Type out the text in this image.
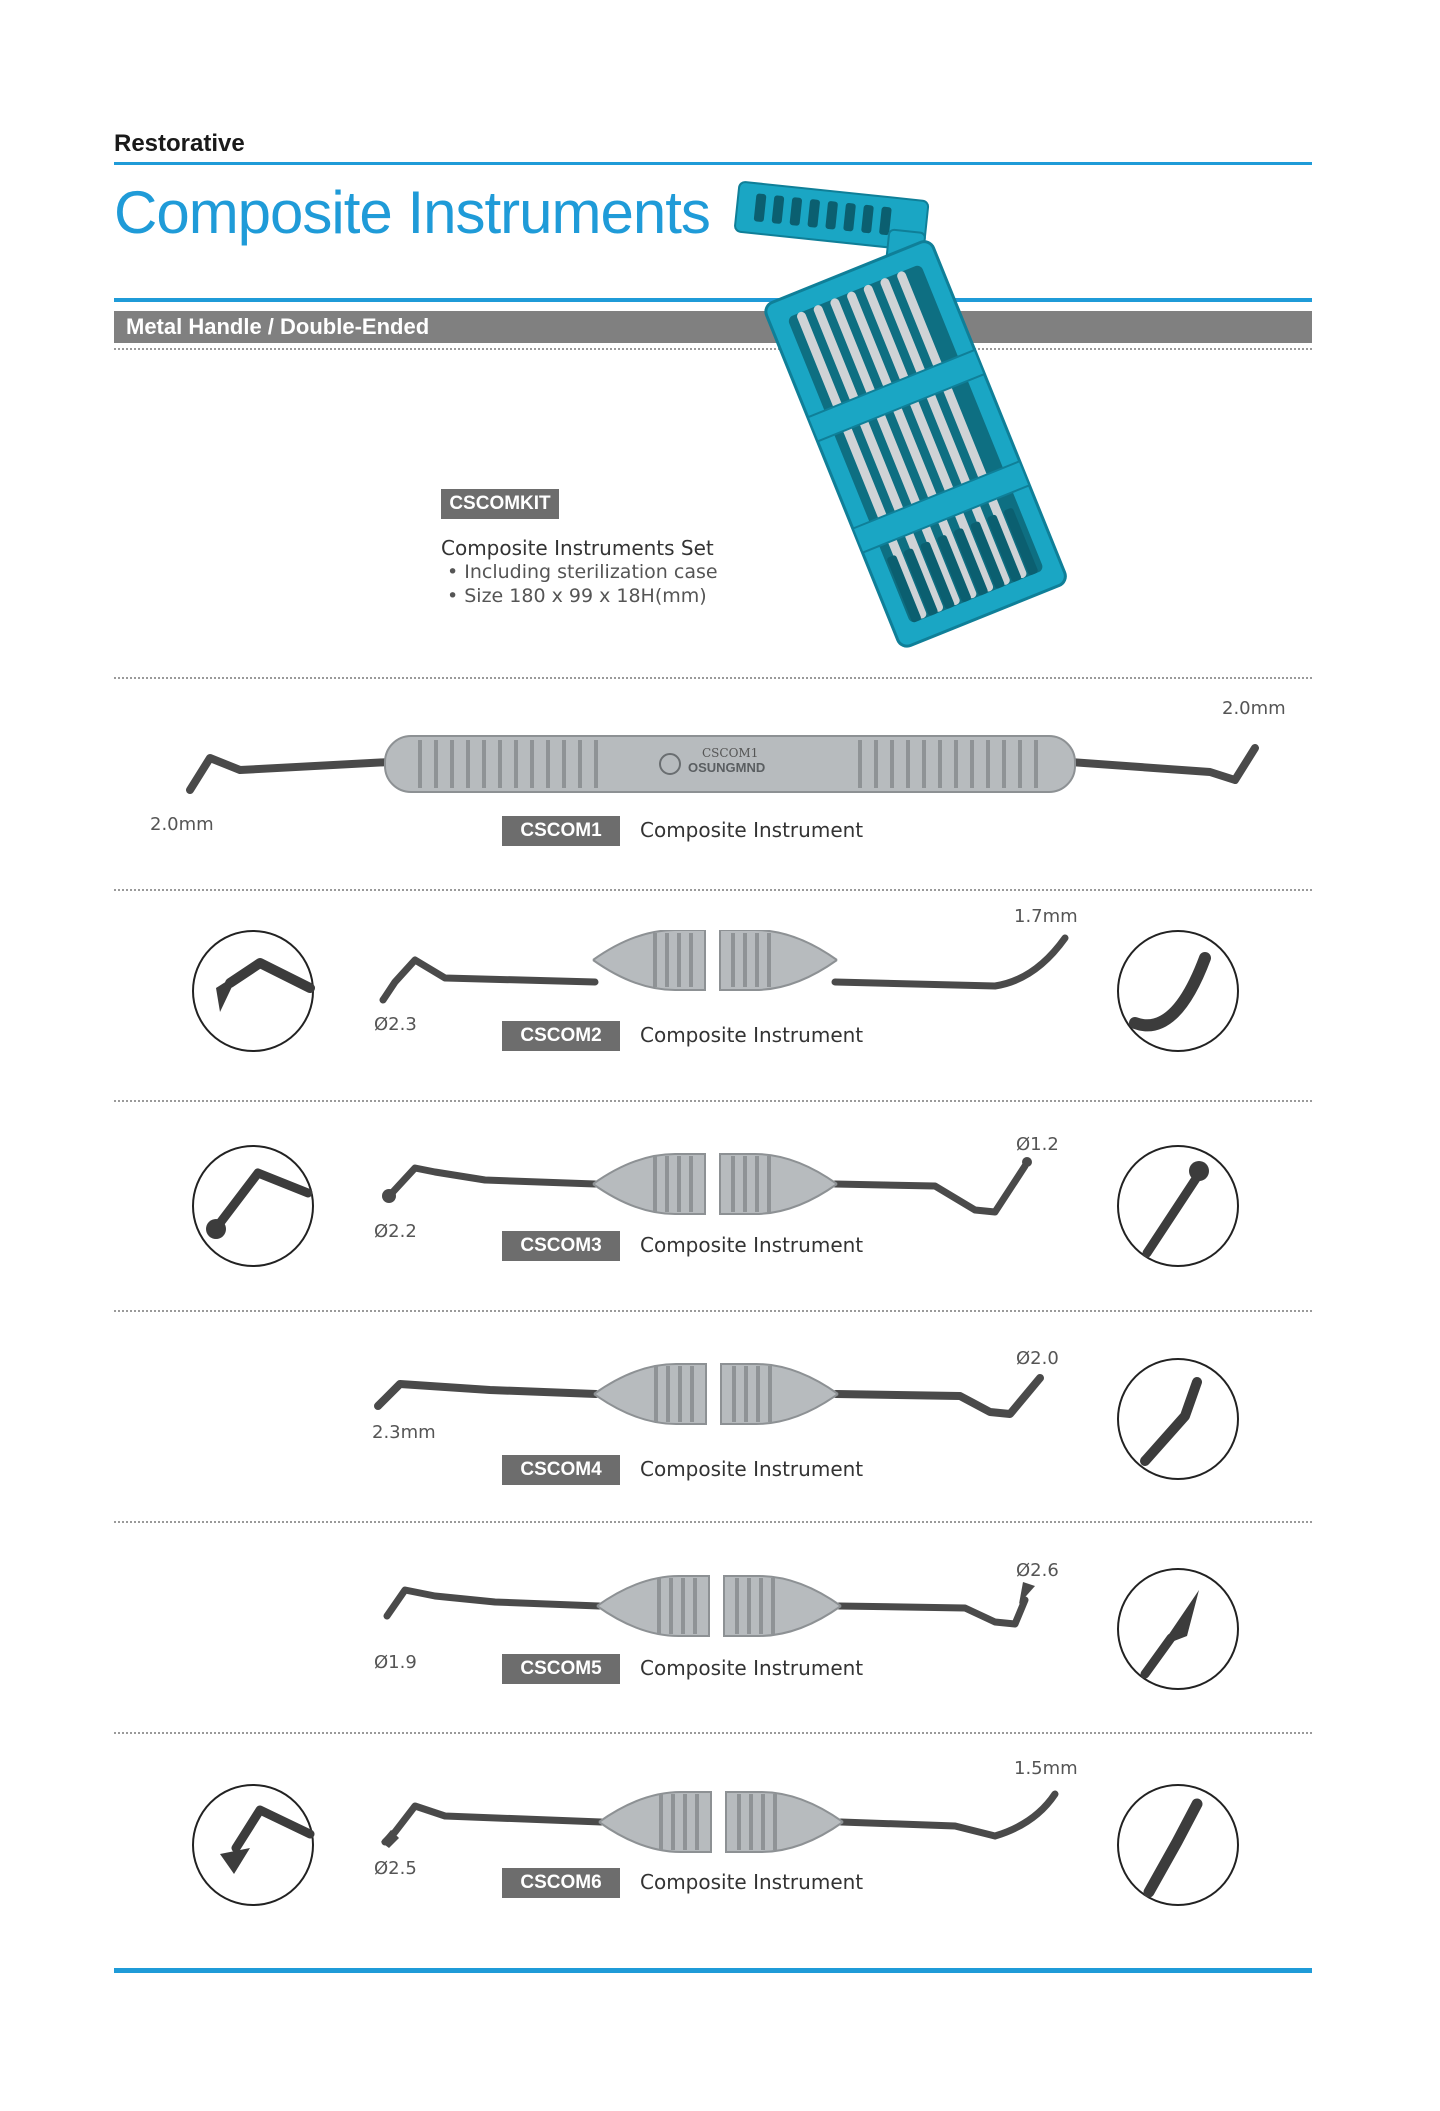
Restorative
Composite Instruments
Metal Handle / Double-Ended
CSCOMKIT
Composite Instruments Set
• Including sterilization case
• Size 180 x 99 x 18H(mm)
CSCOM1
OSUNGMND
2.0mm
2.0mm
CSCOM1	Composite Instrument
Ø2.3
1.7mm
CSCOM2	Composite Instrument
Ø2.2
Ø1.2
CSCOM3	Composite Instrument
2.3mm
Ø2.0
CSCOM4	Composite Instrument
Ø1.9
Ø2.6
CSCOM5	Composite Instrument
Ø2.5
1.5mm
CSCOM6	Composite Instrument
